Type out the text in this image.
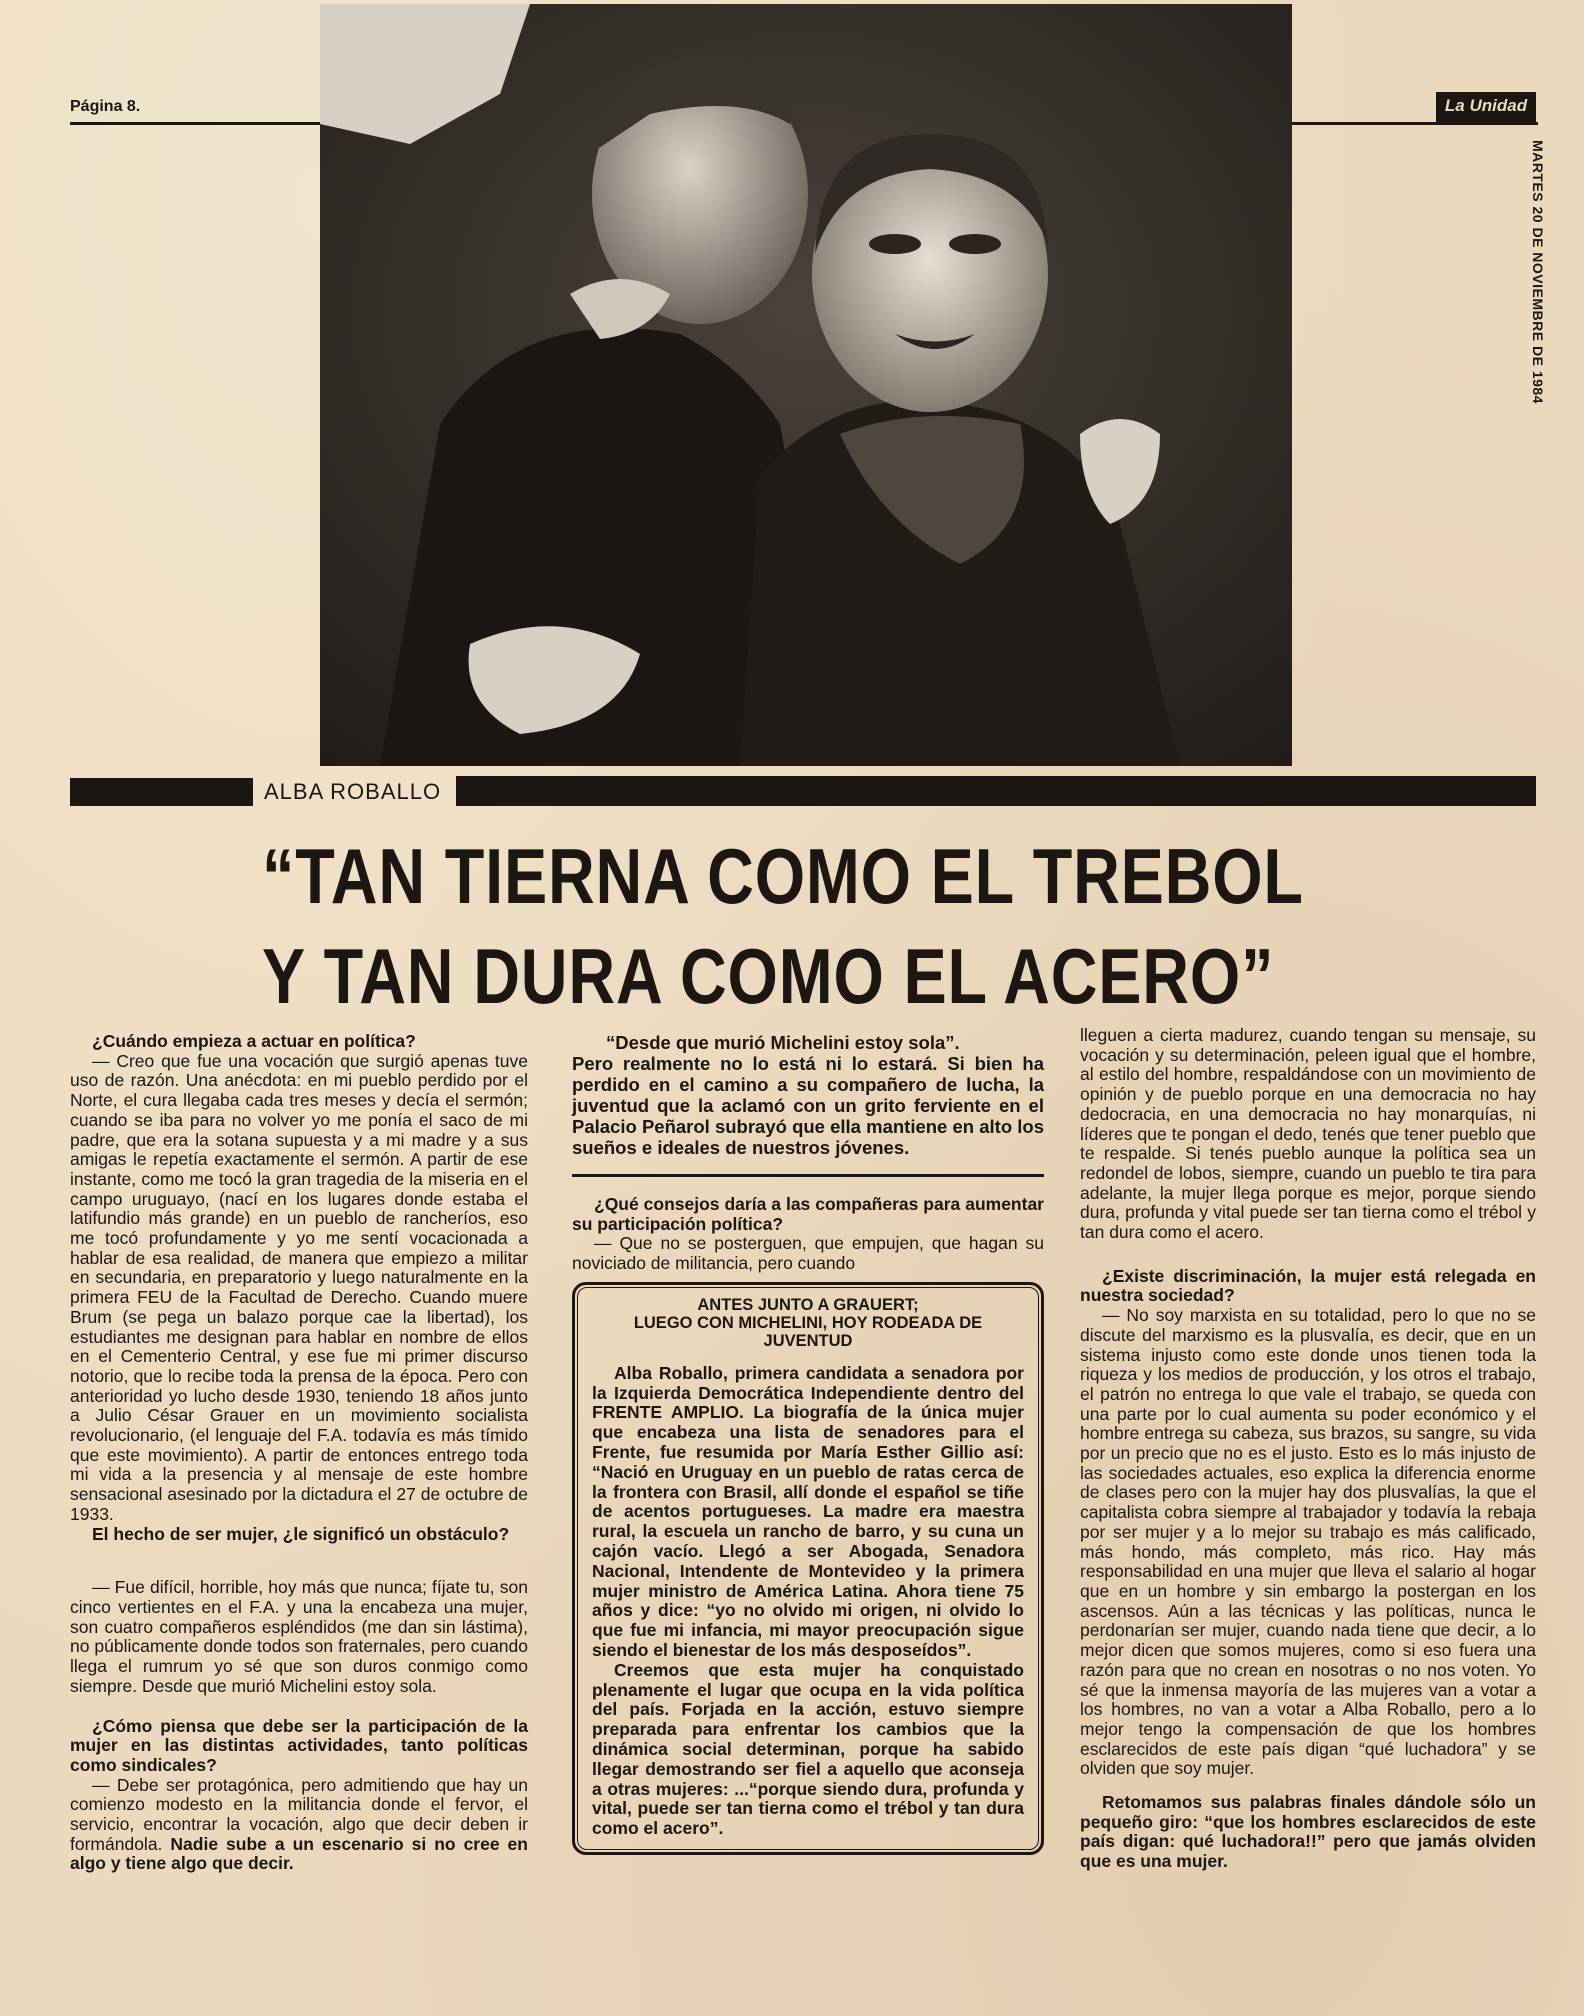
Página 8.	La Unidad
MARTES 20 DE NOVIEMBRE DE 1984
ALBA ROBALLO
“TAN TIERNA COMO EL TREBOL
Y TAN DURA COMO EL ACERO”

¿Cuándo empieza a actuar en política?

— Creo que fue una vocación que surgió apenas tuve uso de razón. Una anécdota: en mi pueblo perdido por el Norte, el cura llegaba cada tres meses y decía el sermón; cuando se iba para no volver yo me ponía el saco de mi padre, que era la sotana supuesta y a mi madre y a sus amigas le repetía exactamente el sermón. A partir de ese instante, como me tocó la gran tragedia de la miseria en el campo uruguayo, (nací en los lugares donde estaba el latifundio más grande) en un pueblo de rancheríos, eso me tocó profundamente y yo me sentí vocacionada a hablar de esa realidad, de manera que empiezo a militar en secundaria, en preparatorio y luego naturalmente en la primera FEU de la Facultad de Derecho. Cuando muere Brum (se pega un balazo porque cae la libertad), los estudiantes me designan para hablar en nombre de ellos en el Cementerio Central, y ese fue mi primer discurso notorio, que lo recibe toda la prensa de la época. Pero con anterioridad yo lucho desde 1930, teniendo 18 años junto a Julio César Grauer en un movimiento socialista revolucionario, (el lenguaje del F.A. todavía es más tímido que este movimiento). A partir de entonces entrego toda mi vida a la presencia y al mensaje de este hombre sensacional asesinado por la dictadura el 27 de octubre de 1933.

El hecho de ser mujer, ¿le significó un obstáculo?

— Fue difícil, horrible, hoy más que nunca; fíjate tu, son cinco vertientes en el F.A. y una la encabeza una mujer, son cuatro compañeros espléndidos (me dan sin lástima), no públicamente donde todos son fraternales, pero cuando llega el rumrum yo sé que son duros conmigo como siempre. Desde que murió Michelini estoy sola.

¿Cómo piensa que debe ser la participación de la mujer en las distintas actividades, tanto políticas como sindicales?

— Debe ser protagónica, pero admitiendo que hay un comienzo modesto en la militancia donde el fervor, el servicio, encontrar la vocación, algo que decir deben ir formándola. Nadie sube a un escenario si no cree en algo y tiene algo que decir.

“Desde que murió Michelini estoy sola”.

Pero realmente no lo está ni lo estará. Si bien ha perdido en el camino a su compañero de lucha, la juventud que la aclamó con un grito ferviente en el Palacio Peñarol subrayó que ella mantiene en alto los sueños e ideales de nuestros jóvenes.

¿Qué consejos daría a las compañeras para aumentar su participación política?

— Que no se posterguen, que empujen, que hagan su noviciado de militancia, pero cuando

ANTES JUNTO A GRAUERT;
LUEGO CON MICHELINI, HOY RODEADA DE JUVENTUD

Alba Roballo, primera candidata a senadora por la Izquierda Democrática Independiente dentro del FRENTE AMPLIO. La biografía de la única mujer que encabeza una lista de senadores para el Frente, fue resumida por María Esther Gillio así: “Nació en Uruguay en un pueblo de ratas cerca de la frontera con Brasil, allí donde el español se tiñe de acentos portugueses. La madre era maestra rural, la escuela un rancho de barro, y su cuna un cajón vacío. Llegó a ser Abogada, Senadora Nacional, Intendente de Montevideo y la primera mujer ministro de América Latina. Ahora tiene 75 años y dice: “yo no olvido mi origen, ni olvido lo que fue mi infancia, mi mayor preocupación sigue siendo el bienestar de los más desposeídos”.

Creemos que esta mujer ha conquistado plenamente el lugar que ocupa en la vida política del país. Forjada en la acción, estuvo siempre preparada para enfrentar los cambios que la dinámica social determinan, porque ha sabido llegar demostrando ser fiel a aquello que aconseja a otras mujeres: ...“porque siendo dura, profunda y vital, puede ser tan tierna como el trébol y tan dura como el acero”.

lleguen a cierta madurez, cuando tengan su mensaje, su vocación y su determinación, peleen igual que el hombre, al estilo del hombre, respaldándose con un movimiento de opinión y de pueblo porque en una democracia no hay dedocracia, en una democracia no hay monarquías, ni líderes que te pongan el dedo, tenés que tener pueblo que te respalde. Si tenés pueblo aunque la política sea un redondel de lobos, siempre, cuando un pueblo te tira para adelante, la mujer llega porque es mejor, porque siendo dura, profunda y vital puede ser tan tierna como el trébol y tan dura como el acero.

¿Existe discriminación, la mujer está relegada en nuestra sociedad?

— No soy marxista en su totalidad, pero lo que no se discute del marxismo es la plusvalía, es decir, que en un sistema injusto como este donde unos tienen toda la riqueza y los medios de producción, y los otros el trabajo, el patrón no entrega lo que vale el trabajo, se queda con una parte por lo cual aumenta su poder económico y el hombre entrega su cabeza, sus brazos, su sangre, su vida por un precio que no es el justo. Esto es lo más injusto de las sociedades actuales, eso explica la diferencia enorme de clases pero con la mujer hay dos plusvalías, la que el capitalista cobra siempre al trabajador y todavía la rebaja por ser mujer y a lo mejor su trabajo es más calificado, más hondo, más completo, más rico. Hay más responsabilidad en una mujer que lleva el salario al hogar que en un hombre y sin embargo la postergan en los ascensos. Aún a las técnicas y las políticas, nunca le perdonarían ser mujer, cuando nada tiene que decir, a lo mejor dicen que somos mujeres, como si eso fuera una razón para que no crean en nosotras o no nos voten. Yo sé que la inmensa mayoría de las mujeres van a votar a los hombres, no van a votar a Alba Roballo, pero a lo mejor tengo la compensación de que los hombres esclarecidos de este país digan “qué luchadora” y se olviden que soy mujer.

Retomamos sus palabras finales dándole sólo un pequeño giro: “que los hombres esclarecidos de este país digan: qué luchadora!!” pero que jamás olviden que es una mujer.
